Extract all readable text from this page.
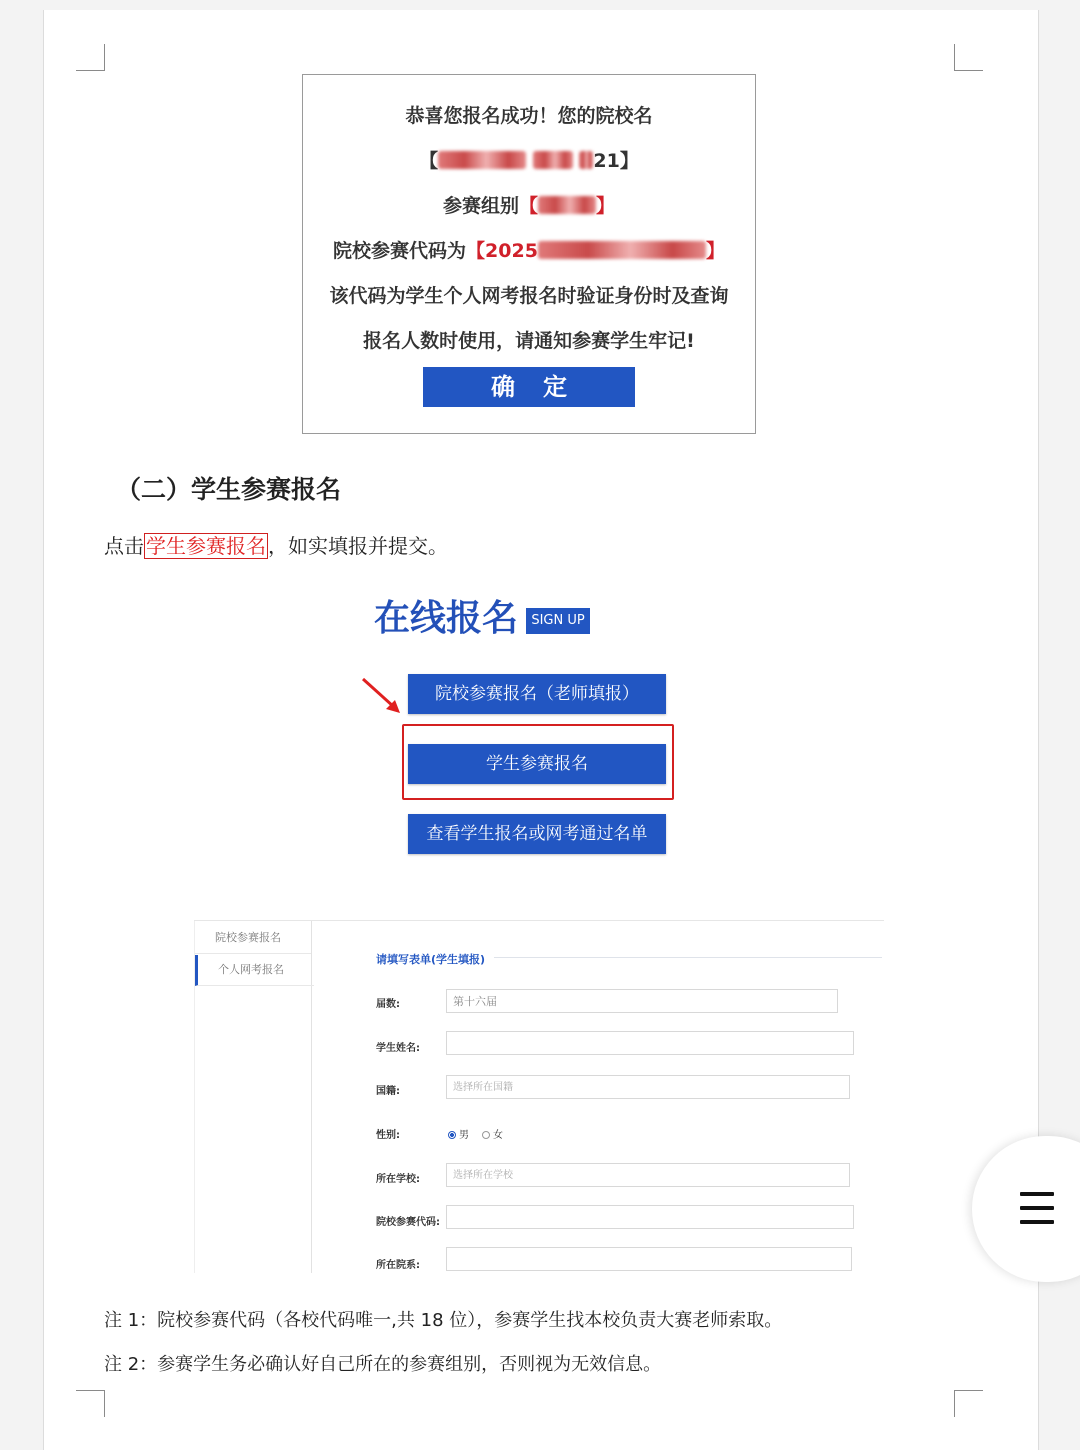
恭喜您报名成功！您的院校名
【	21】
参赛组别【	】
院校参赛代码为【2025	】
该代码为学生个人网考报名时验证身份时及查询
报名人数时使用，请通知参赛学生牢记!
确定
（二）学生参赛报名
点击 学生参赛报名 ，如实填报并提交。
在线报名	SIGN UP
院校参赛报名（老师填报）
学生参赛报名
查看学生报名或网考通过名单
院校参赛报名
个人网考报名
请填写表单(学生填报)
届数:	第十六届
学生姓名:
国籍:	选择所在国籍
性别:	男	女
所在学校:	选择所在学校
院校参赛代码:
所在院系:
注 1：院校参赛代码（各校代码唯一,共 18 位），参赛学生找本校负责大赛老师索取。
注 2：参赛学生务必确认好自己所在的参赛组别，否则视为无效信息。
